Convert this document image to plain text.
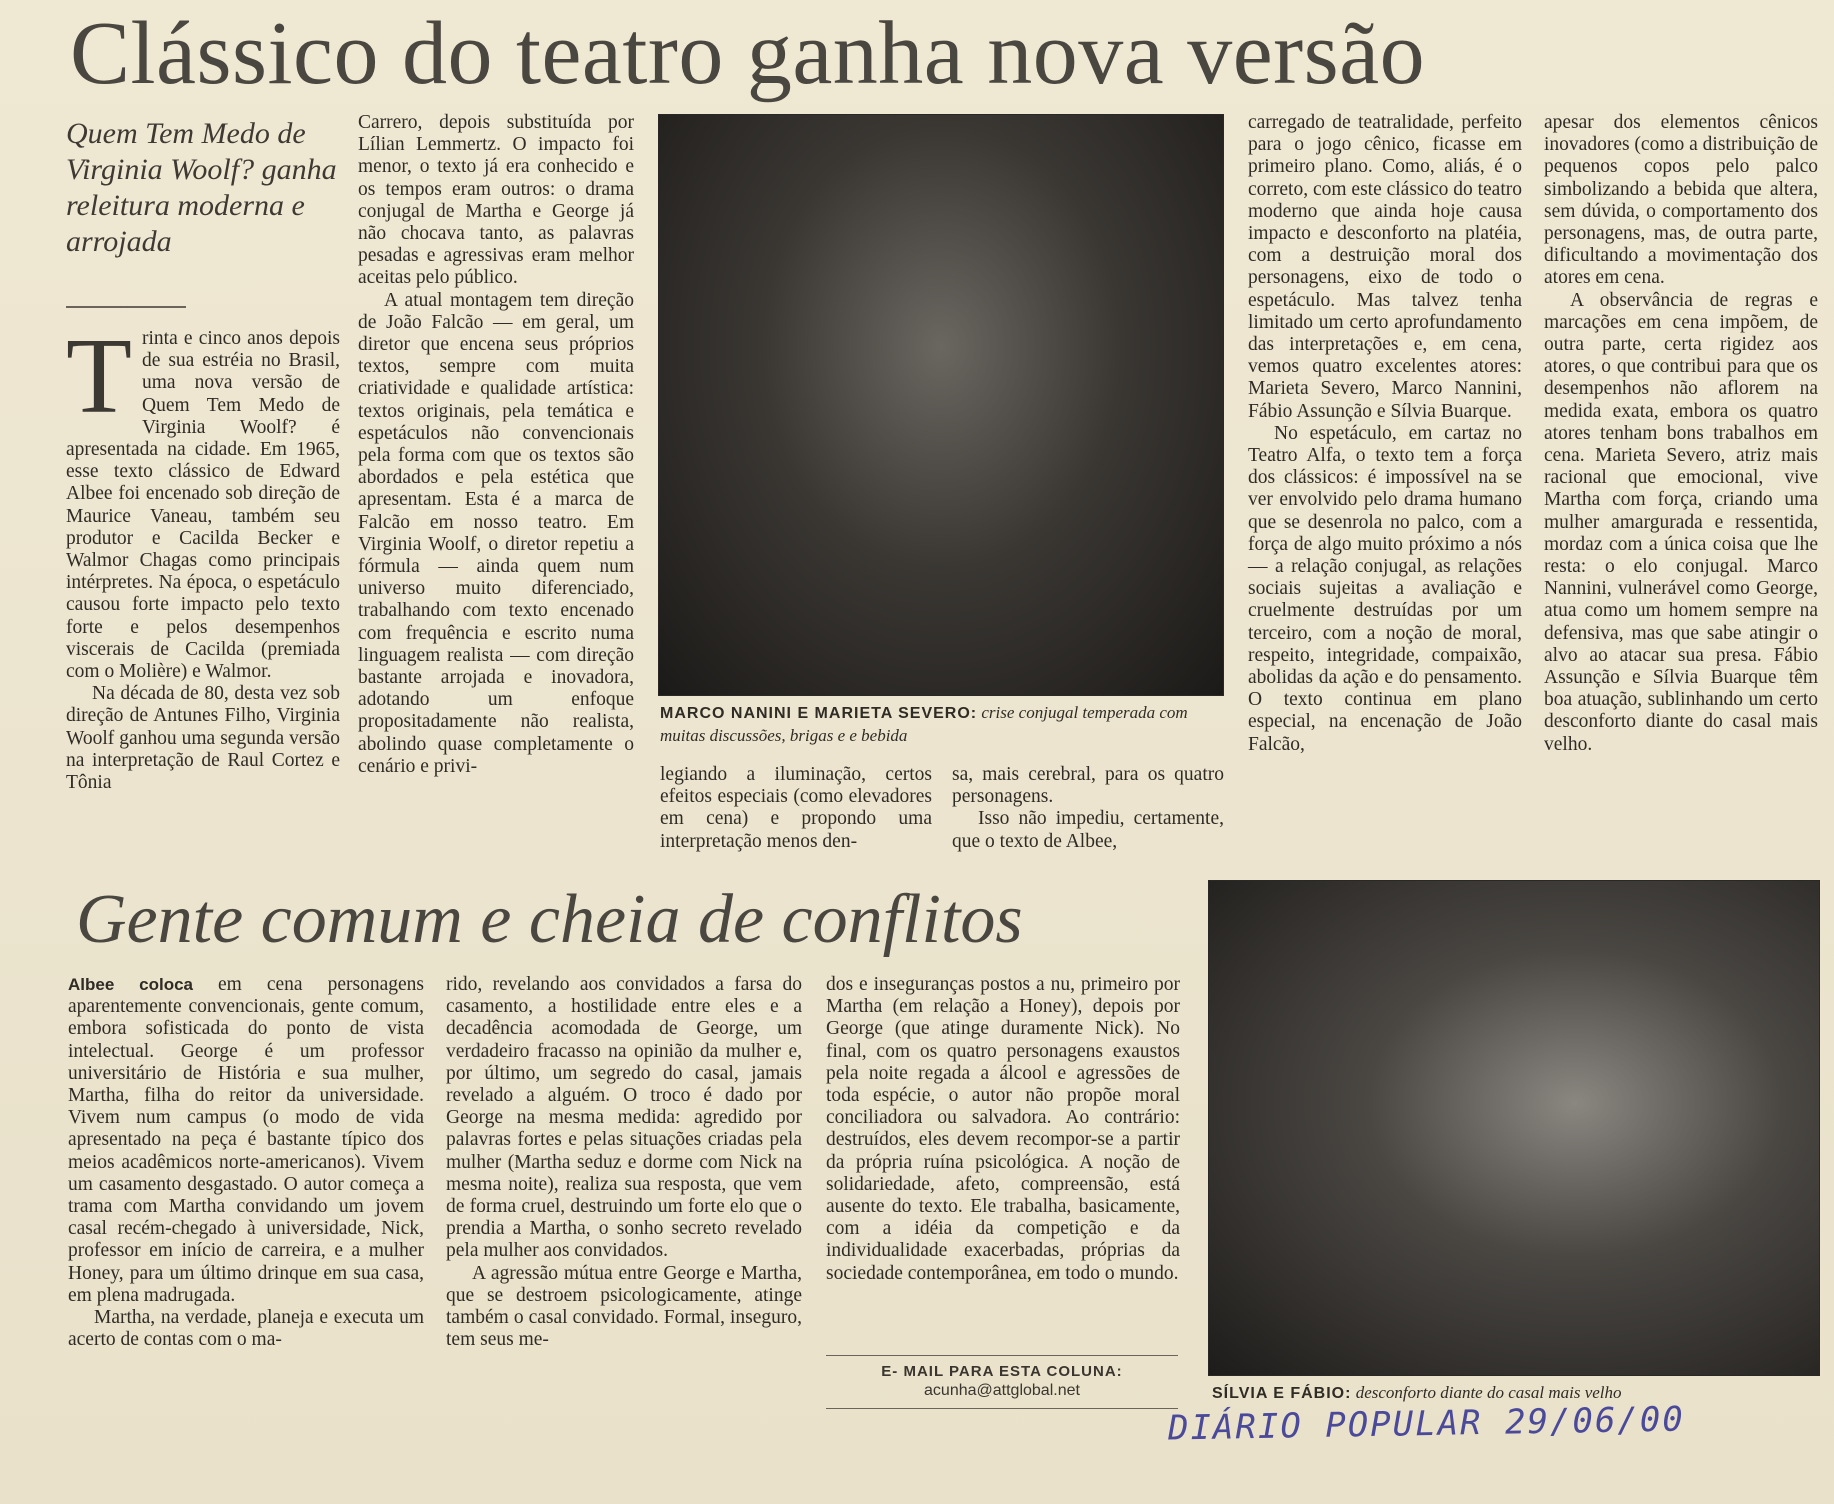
Clássico do teatro ganha nova versão
Quem Tem Medo de Virginia Woolf? ganha releitura moderna e arrojada
T rinta e cinco anos depois de sua estréia no Brasil, uma nova versão de Quem Tem Medo de Virginia Woolf? é apresentada na cidade. Em 1965, esse texto clássico de Edward Albee foi encenado sob direção de Maurice Vaneau, também seu produtor e Cacilda Becker e Walmor Chagas como principais intérpretes. Na época, o espetáculo causou forte impacto pelo texto forte e pelos desempenhos viscerais de Cacilda (premiada com o Molière) e Walmor.

Na década de 80, desta vez sob direção de Antunes Filho, Virginia Woolf ganhou uma segunda versão na interpretação de Raul Cortez e Tônia

Carrero, depois substituída por Lílian Lemmertz. O impacto foi menor, o texto já era conhecido e os tempos eram outros: o drama conjugal de Martha e George já não chocava tanto, as palavras pesadas e agressivas eram melhor aceitas pelo público.

A atual montagem tem direção de João Falcão — em geral, um diretor que encena seus próprios textos, sempre com muita criatividade e qualidade artística: textos originais, pela temática e espetáculos não convencionais pela forma com que os textos são abordados e pela estética que apresentam. Esta é a marca de Falcão em nosso teatro. Em Virginia Woolf, o diretor repetiu a fórmula — ainda quem num universo muito diferenciado, trabalhando com texto encenado com frequência e escrito numa linguagem realista — com direção bastante arrojada e inovadora, adotando um enfoque propositadamente não realista, abolindo quase completamente o cenário e privi-

MARCO NANINI E MARIETA SEVERO: crise conjugal temperada com muitas discussões, brigas e e bebida

legiando a iluminação, certos efeitos especiais (como elevadores em cena) e propondo uma interpretação menos den-

sa, mais cerebral, para os quatro personagens.

Isso não impediu, certamente, que o texto de Albee,

carregado de teatralidade, perfeito para o jogo cênico, ficasse em primeiro plano. Como, aliás, é o correto, com este clássico do teatro moderno que ainda hoje causa impacto e desconforto na platéia, com a destruição moral dos personagens, eixo de todo o espetáculo. Mas talvez tenha limitado um certo aprofundamento das interpretações e, em cena, vemos quatro excelentes atores: Marieta Severo, Marco Nannini, Fábio Assunção e Sílvia Buarque.

No espetáculo, em cartaz no Teatro Alfa, o texto tem a força dos clássicos: é impossível na se ver envolvido pelo drama humano que se desenrola no palco, com a força de algo muito próximo a nós — a relação conjugal, as relações sociais sujeitas a avaliação e cruelmente destruídas por um terceiro, com a noção de moral, respeito, integridade, compaixão, abolidas da ação e do pensamento. O texto continua em plano especial, na encenação de João Falcão,

apesar dos elementos cênicos inovadores (como a distribuição de pequenos copos pelo palco simbolizando a bebida que altera, sem dúvida, o comportamento dos personagens, mas, de outra parte, dificultando a movimentação dos atores em cena.

A observância de regras e marcações em cena impõem, de outra parte, certa rigidez aos atores, o que contribui para que os desempenhos não aflorem na medida exata, embora os quatro atores tenham bons trabalhos em cena. Marieta Severo, atriz mais racional que emocional, vive Martha com força, criando uma mulher amargurada e ressentida, mordaz com a única coisa que lhe resta: o elo conjugal. Marco Nannini, vulnerável como George, atua como um homem sempre na defensiva, mas que sabe atingir o alvo ao atacar sua presa. Fábio Assunção e Sílvia Buarque têm boa atuação, sublinhando um certo desconforto diante do casal mais velho.

Gente comum e cheia de conflitos

Albee coloca em cena personagens aparentemente convencionais, gente comum, embora sofisticada do ponto de vista intelectual. George é um professor universitário de História e sua mulher, Martha, filha do reitor da universidade. Vivem num campus (o modo de vida apresentado na peça é bastante típico dos meios acadêmicos norte-americanos). Vivem um casamento desgastado. O autor começa a trama com Martha convidando um jovem casal recém-chegado à universidade, Nick, professor em início de carreira, e a mulher Honey, para um último drinque em sua casa, em plena madrugada.

Martha, na verdade, planeja e executa um acerto de contas com o ma-

rido, revelando aos convidados a farsa do casamento, a hostilidade entre eles e a decadência acomodada de George, um verdadeiro fracasso na opinião da mulher e, por último, um segredo do casal, jamais revelado a alguém. O troco é dado por George na mesma medida: agredido por palavras fortes e pelas situações criadas pela mulher (Martha seduz e dorme com Nick na mesma noite), realiza sua resposta, que vem de forma cruel, destruindo um forte elo que o prendia a Martha, o sonho secreto revelado pela mulher aos convidados.

A agressão mútua entre George e Martha, que se destroem psicologicamente, atinge também o casal convidado. Formal, inseguro, tem seus me-

dos e inseguranças postos a nu, primeiro por Martha (em relação a Honey), depois por George (que atinge duramente Nick). No final, com os quatro personagens exaustos pela noite regada a álcool e agressões de toda espécie, o autor não propõe moral conciliadora ou salvadora. Ao contrário: destruídos, eles devem recompor-se a partir da própria ruína psicológica. A noção de solidariedade, afeto, compreensão, está ausente do texto. Ele trabalha, basicamente, com a idéia da competição e da individualidade exacerbadas, próprias da sociedade contemporânea, em todo o mundo.

E- MAIL PARA ESTA COLUNA:
acunha@attglobal.net	SÍLVIA E FÁBIO: desconforto diante do casal mais velho
DIÁRIO POPULAR 29/06/00
